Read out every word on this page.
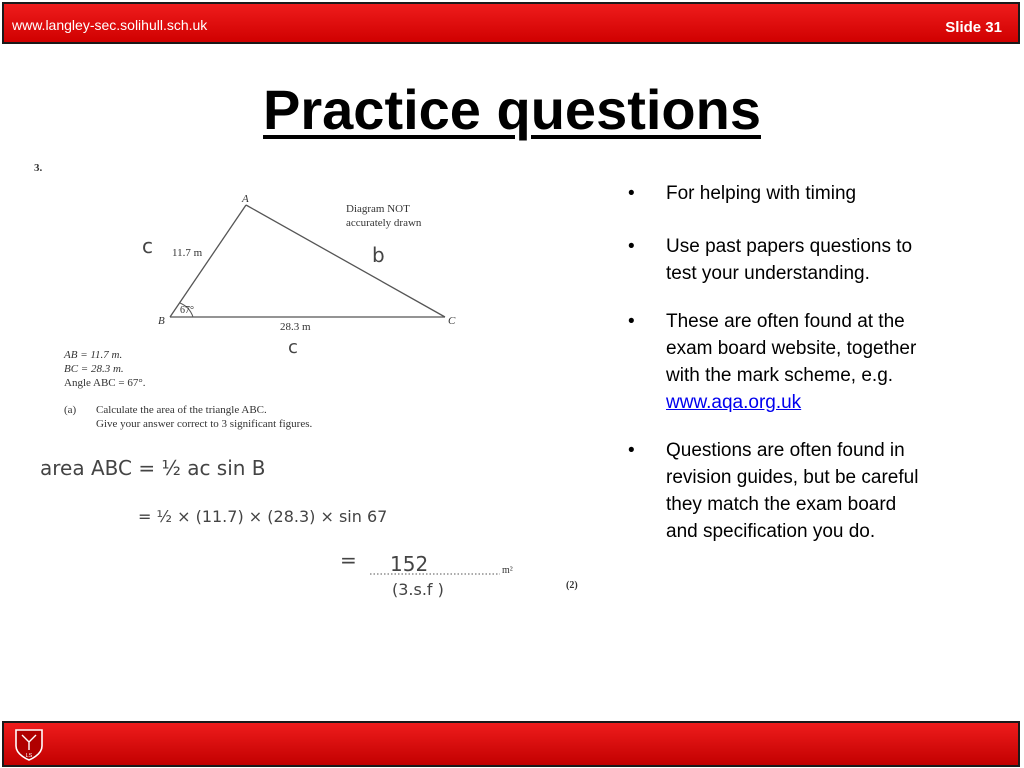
www.langley-sec.solihull.sch.uk	Slide 31
Practice questions
3.
A
B	C
11.7 m
28.3 m
67°
Diagram NOT
accurately drawn
c	b
c
AB = 11.7 m.
BC = 28.3 m.
Angle ABC = 67°.
(a) Calculate the area of the triangle ABC.
Give your answer correct to 3 significant figures.
area ABC = ½ ac sin B
= ½ × (11.7) × (28.3) × sin 67
= 152	m²
(3.s.f )	(2)
• For helping with timing
• Use past papers questions to test your understanding.
• These are often found at the exam board website, together with the mark scheme, e.g.
www.aqa.org.uk
• Questions are often found in revision guides, but be careful they match the exam board and specification you do.
LS
